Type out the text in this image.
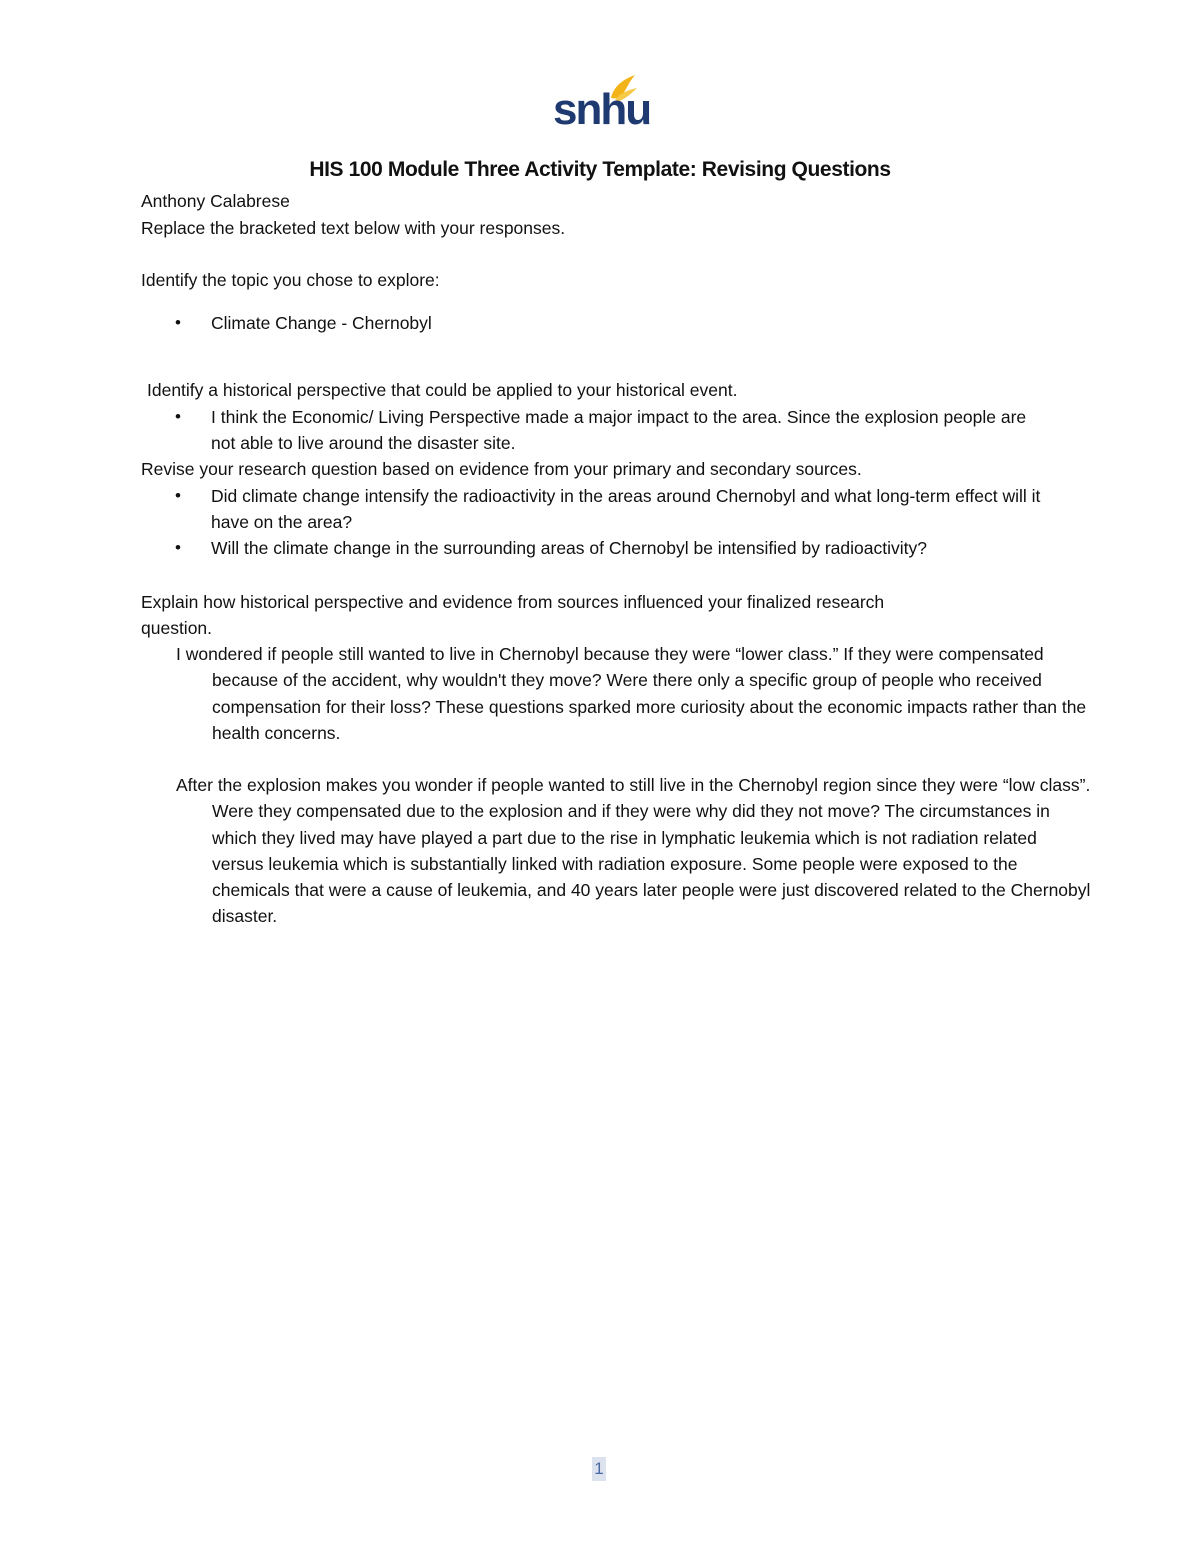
snhu
HIS 100 Module Three Activity Template: Revising Questions
Anthony Calabrese
Replace the bracketed text below with your responses.
Identify the topic you chose to explore:
•	Climate Change - Chernobyl
Identify a historical perspective that could be applied to your historical event.
•	I think the Economic/ Living Perspective made a major impact to the area. Since the explosion people are not able to live around the disaster site.
Revise your research question based on evidence from your primary and secondary sources.
•	Did climate change intensify the radioactivity in the areas around Chernobyl and what long-term effect will it have on the area?
•	Will the climate change in the surrounding areas of Chernobyl be intensified by radioactivity?
Explain how historical perspective and evidence from sources influenced your finalized research
question.
I wondered if people still wanted to live in Chernobyl because they were “lower class.” If they were compensated because of the accident, why wouldn't they move? Were there only a specific group of people who received compensation for their loss? These questions sparked more curiosity about the economic impacts rather than the health concerns.
After the explosion makes you wonder if people wanted to still live in the Chernobyl region since they were “low class”. Were they compensated due to the explosion and if they were why did they not move? The circumstances in which they lived may have played a part due to the rise in lymphatic leukemia which is not radiation related versus leukemia which is substantially linked with radiation exposure. Some people were exposed to the chemicals that were a cause of leukemia, and 40 years later people were just discovered related to the Chernobyl disaster.
1
